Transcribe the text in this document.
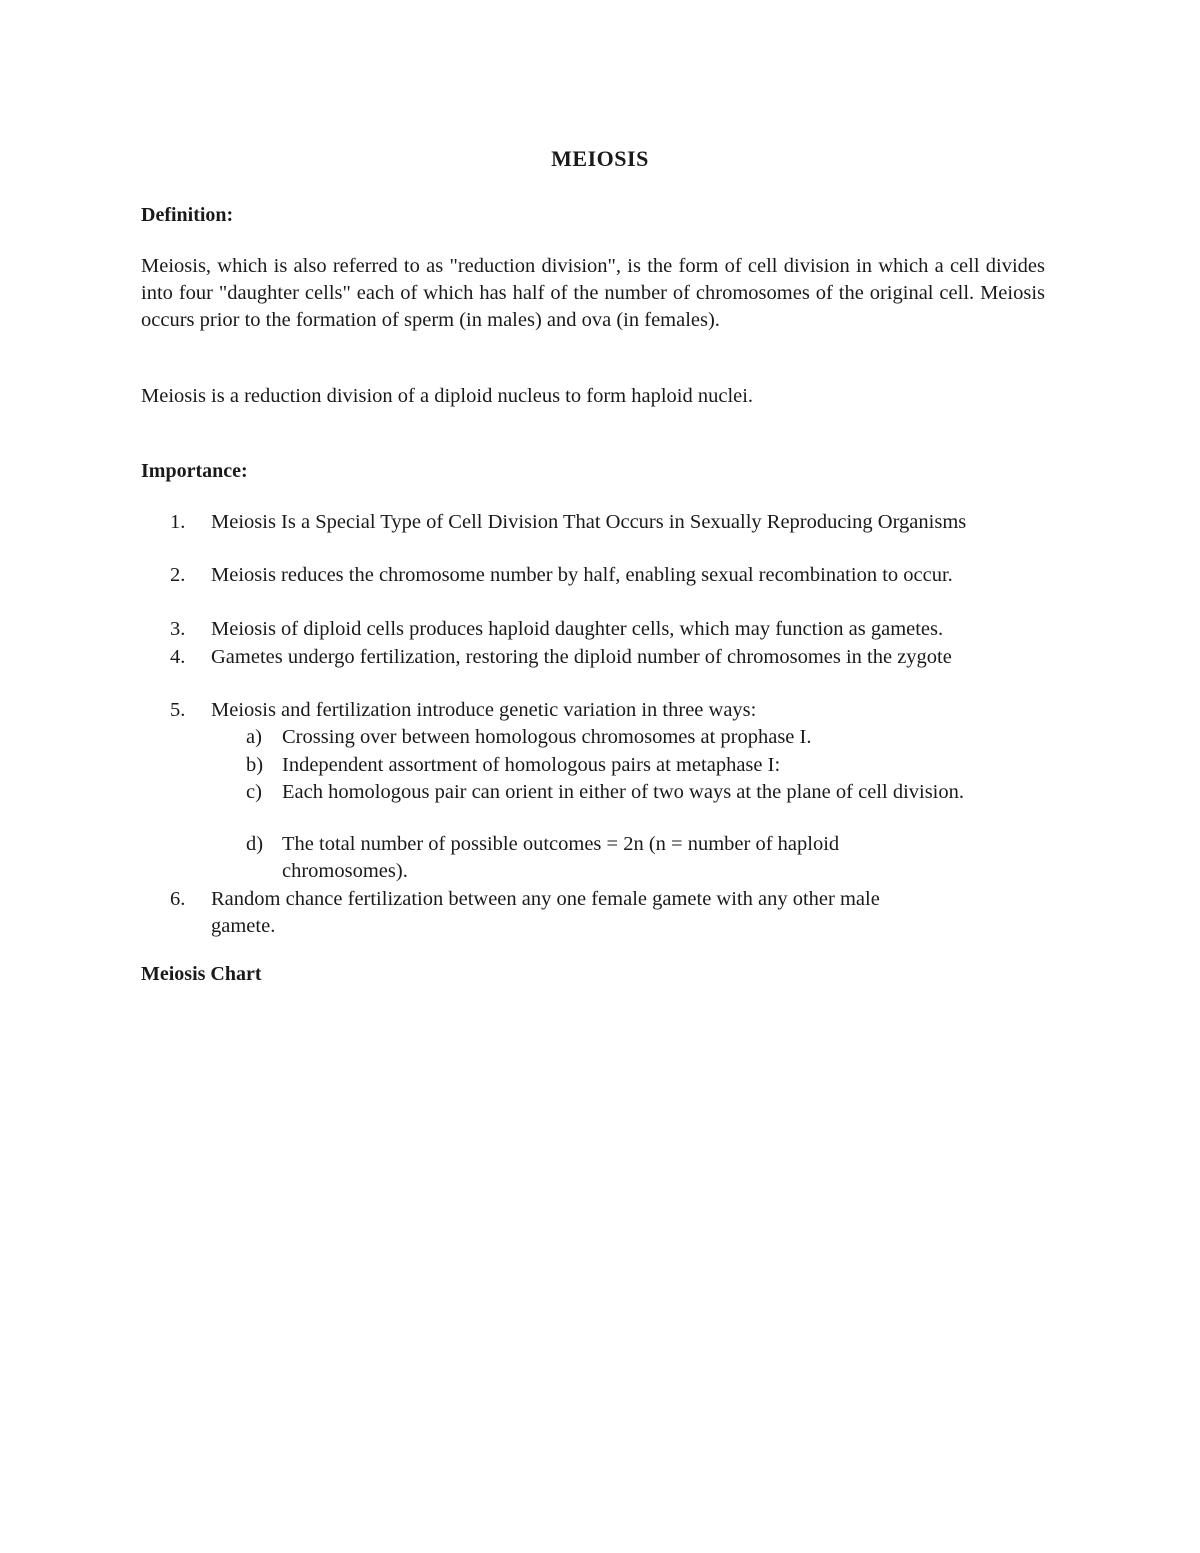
MEIOSIS
Definition:

Meiosis, which is also referred to as "reduction division", is the form of cell division in which a cell divides into four "daughter cells" each of which has half of the number of chromosomes of the original cell. Meiosis occurs prior to the formation of sperm (in males) and ova (in females).

Meiosis is a reduction division of a diploid nucleus to form haploid nuclei.

Importance:
1.	Meiosis Is a Special Type of Cell Division That Occurs in Sexually Reproducing Organisms
2.	Meiosis reduces the chromosome number by half, enabling sexual recombination to occur.
3.	Meiosis of diploid cells produces haploid daughter cells, which may function as gametes.
4.	Gametes undergo fertilization, restoring the diploid number of chromosomes in the zygote
5.	Meiosis and fertilization introduce genetic variation in three ways:
a) Crossing over between homologous chromosomes at prophase I.
b) Independent assortment of homologous pairs at metaphase I:
c) Each homologous pair can orient in either of two ways at the plane of cell division.
d) The total number of possible outcomes = 2n (n = number of haploid chromosomes).
6.	Random chance fertilization between any one female gamete with any other male gamete.
Meiosis Chart
